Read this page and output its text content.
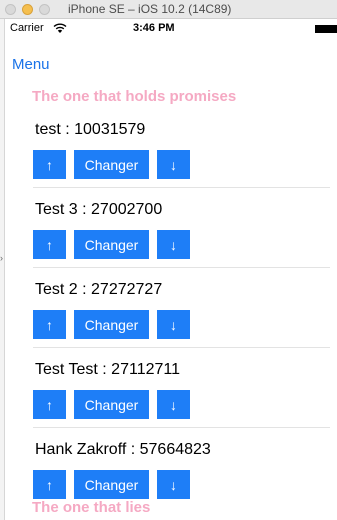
iPhone SE – iOS 10.2 (14C89)
›
Carrier	3:46 PM
Menu
The one that holds promises
test : 10031579
↑	Changer	↓
Test 3 : 27002700
↑	Changer	↓
Test 2 : 27272727
↑	Changer	↓
Test Test : 27112711
↑	Changer	↓
Hank Zakroff : 57664823
↑	Changer	↓
The one that lies
